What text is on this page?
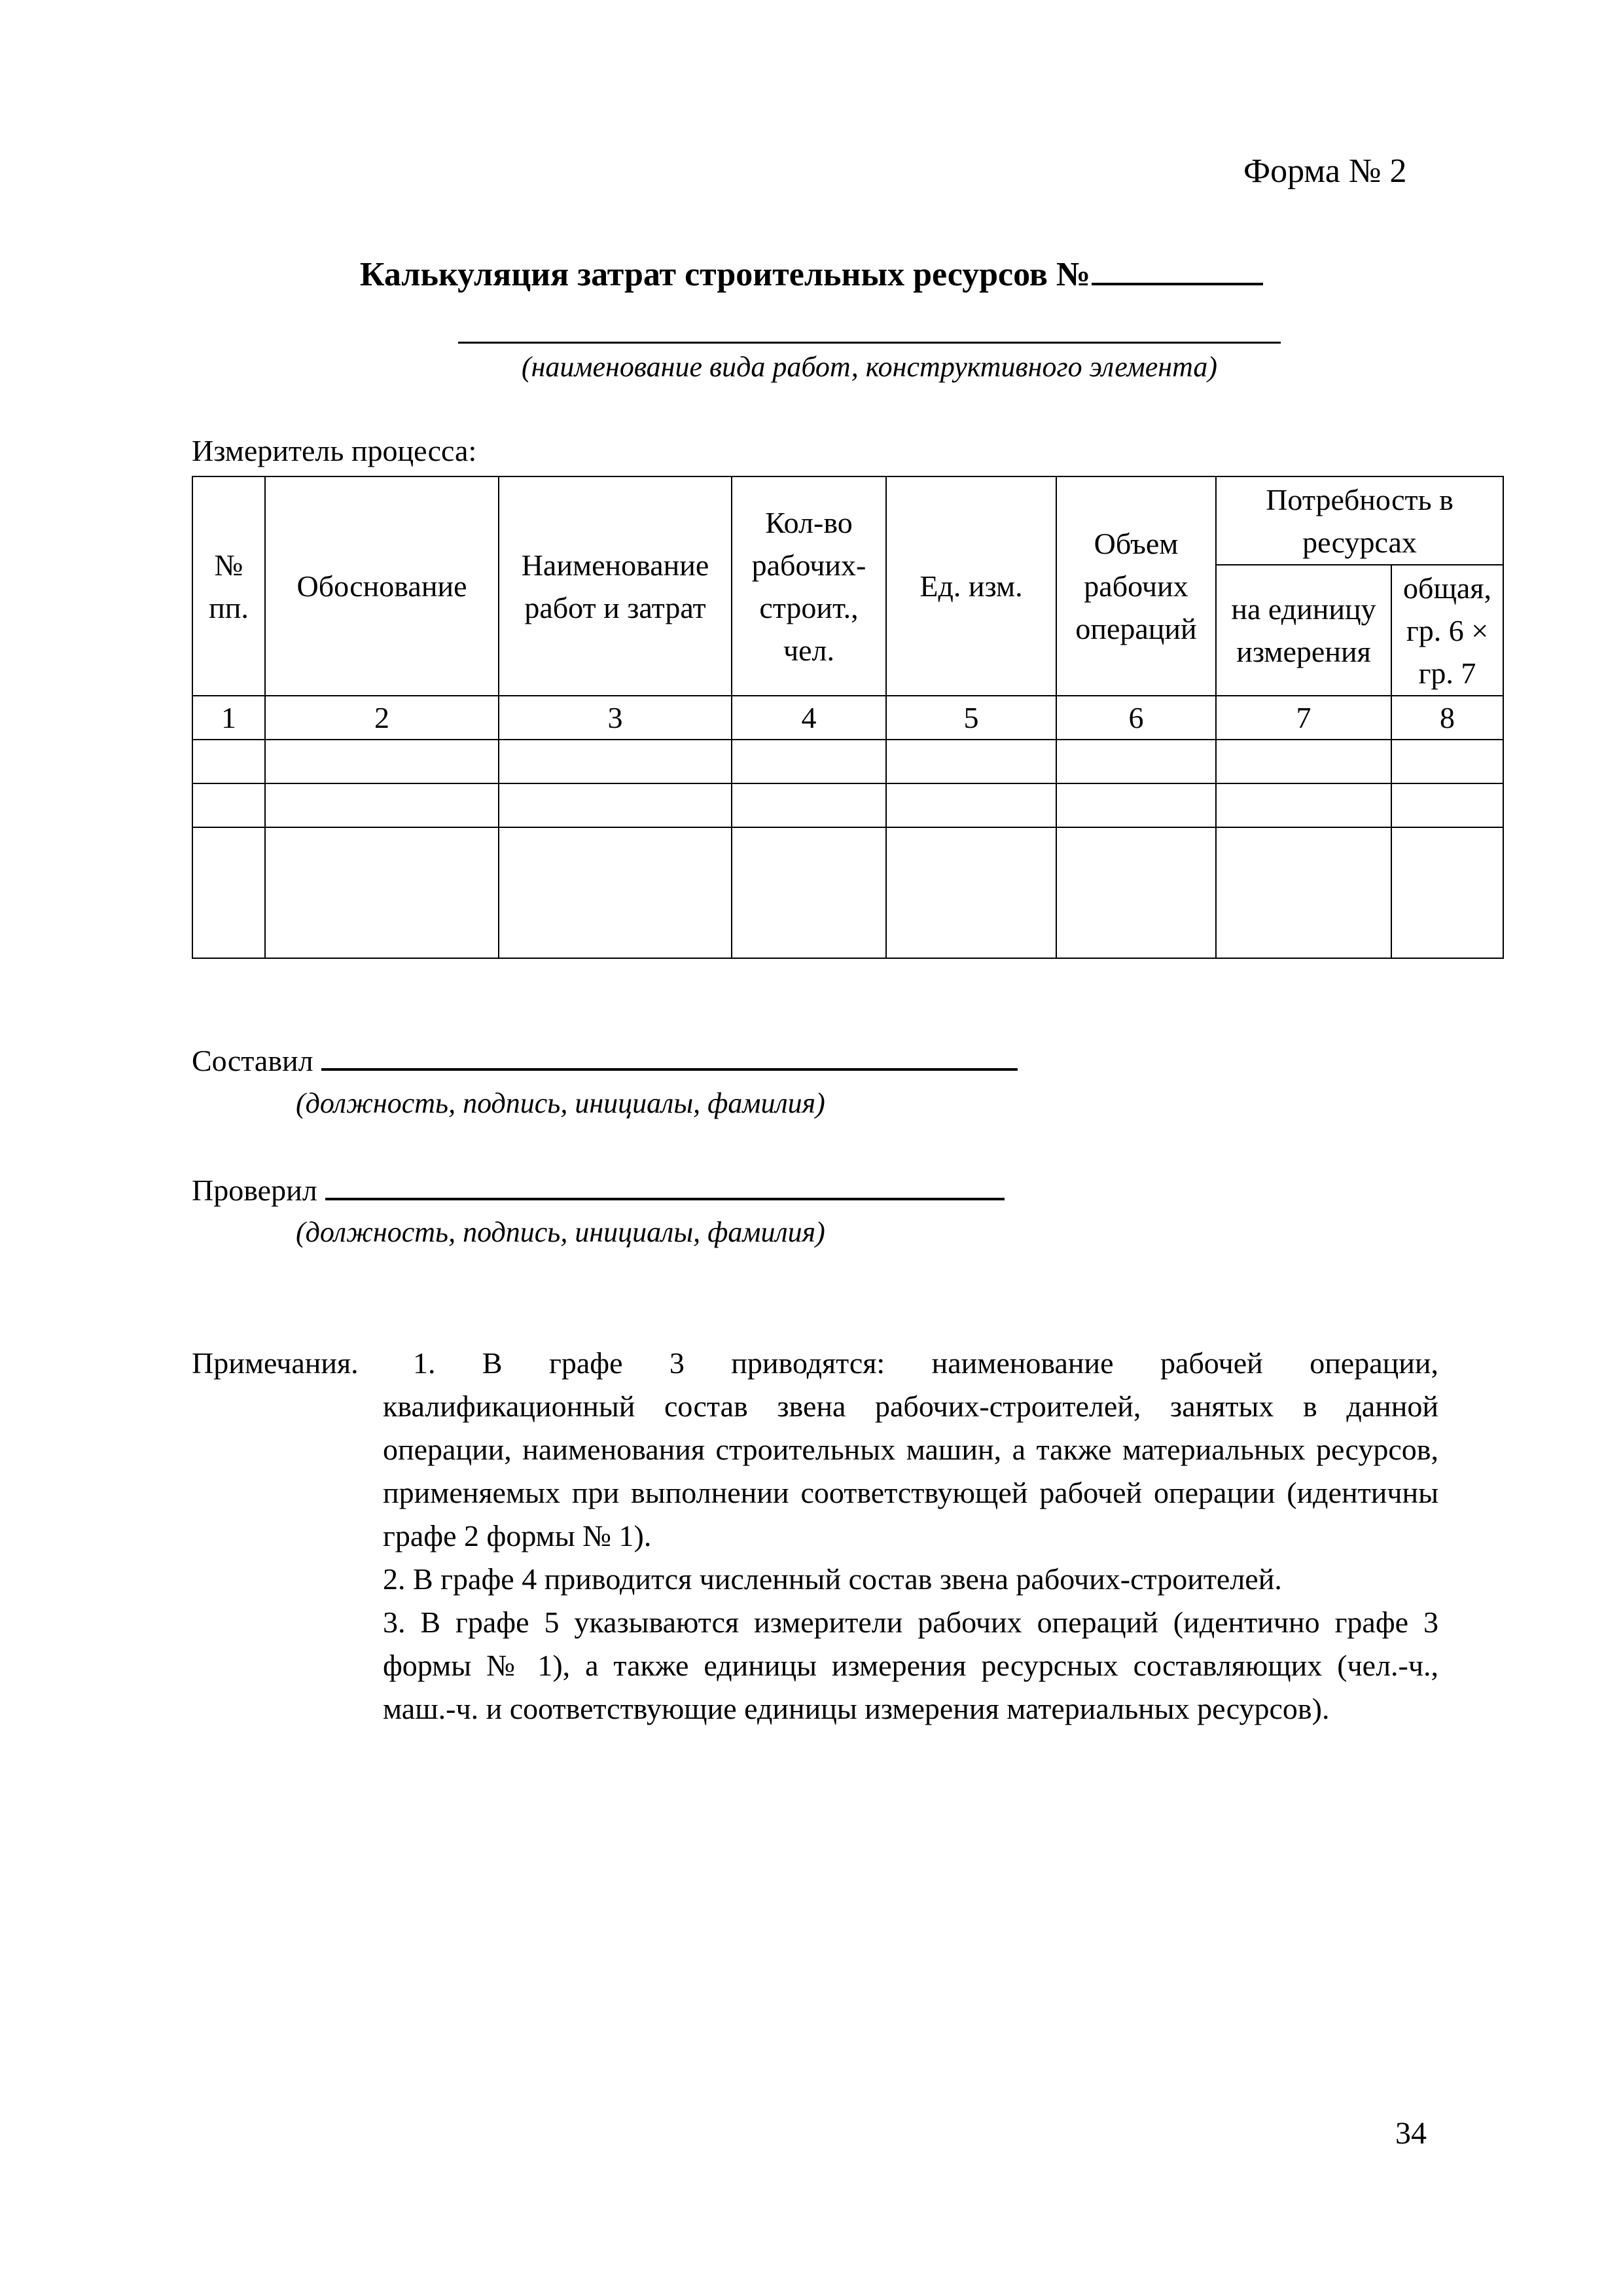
Форма № 2
Калькуляция затрат строительных ресурсов №
(наименование вида работ, конструктивного элемента)
Измеритель процесса:
№ пп.	Обоснование	Наименование работ и затрат	Кол-во рабочих-строит., чел.	Ед. изм.	Объем рабочих операций	Потребность в ресурсах	
						на единицу измерения	общая, гр. 6 × гр. 7
1	2	3	4	5	6	7	8

Составил
(должность, подпись, инициалы, фамилия)
Проверил
(должность, подпись, инициалы, фамилия)
Примечания. 1. В графе 3 приводятся: наименование рабочей операции,
квалификационный состав звена рабочих-строителей, занятых в данной операции, наименования строительных машин, а также материальных ресурсов, применяемых при выполнении соответствующей рабочей операции (идентичны графе 2 формы № 1).
2. В графе 4 приводится численный состав звена рабочих-строителей.
3. В графе 5 указываются измерители рабочих операций (идентично графе 3 формы № 1), а также единицы измерения ресурсных составляющих (чел.-ч., маш.-ч. и соответствующие единицы измерения материальных ресурсов).
34
